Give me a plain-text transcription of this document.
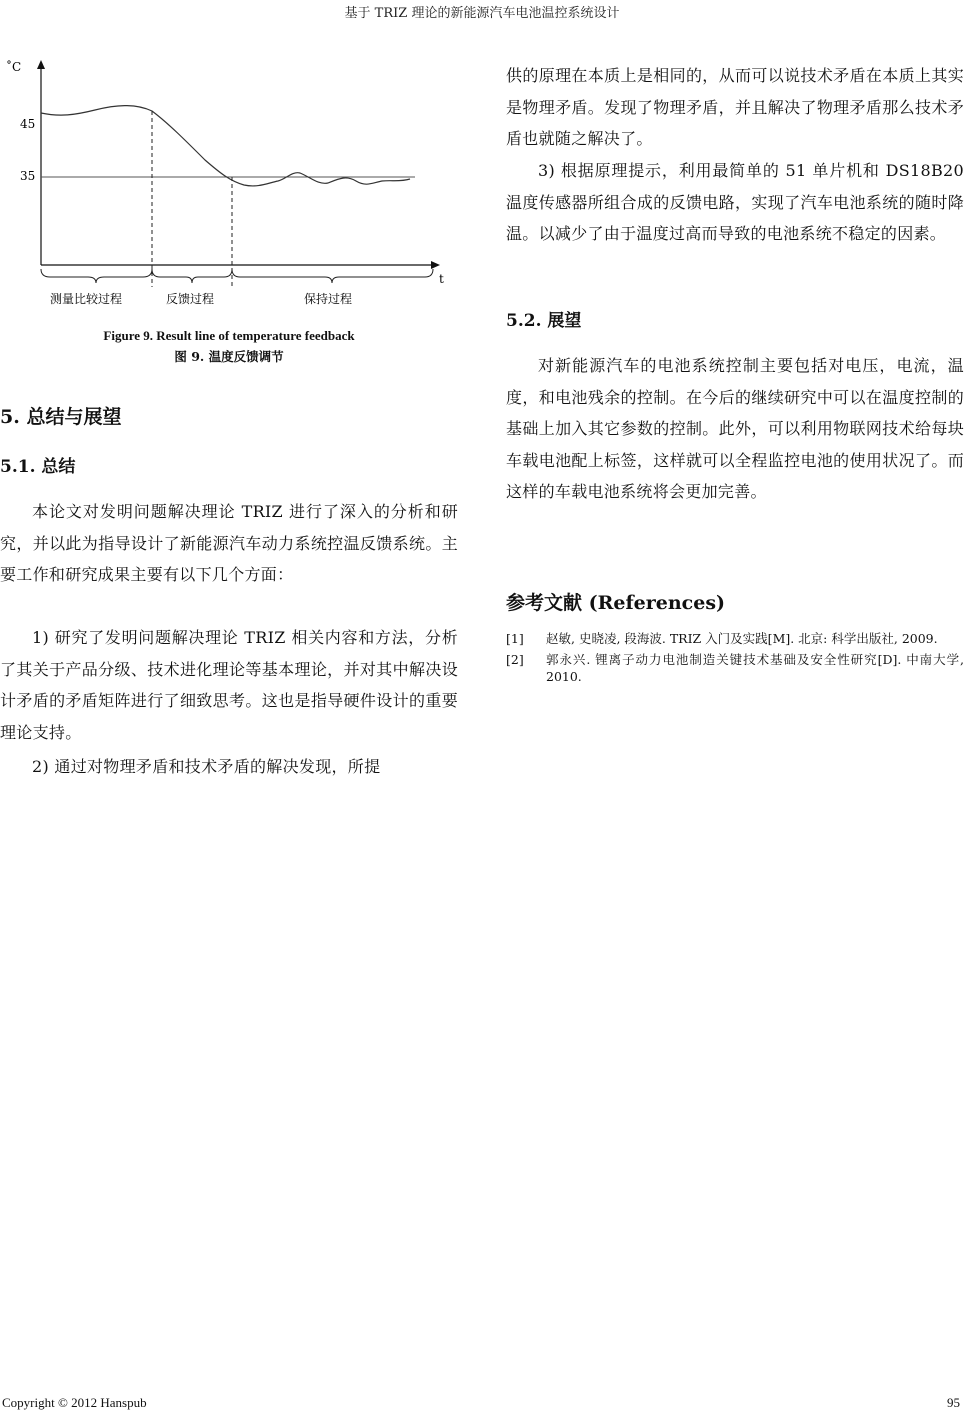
基于 TRIZ 理论的新能源汽车电池温控系统设计
˚C
t
45
35
测量比较过程	反馈过程	保持过程
Figure 9. Result line of temperature feedback
图 9. 温度反馈调节
5. 总结与展望
5.1. 总结

本论文对发明问题解决理论 TRIZ 进行了深入的分析和研究，并以此为指导设计了新能源汽车动力系统控温反馈系统。主要工作和研究成果主要有以下几个方面：

1) 研究了发明问题解决理论 TRIZ 相关内容和方法，分析了其关于产品分级、技术进化理论等基本理论，并对其中解决设计矛盾的矛盾矩阵进行了细致思考。这也是指导硬件设计的重要理论支持。

2) 通过对物理矛盾和技术矛盾的解决发现，所提

供的原理在本质上是相同的，从而可以说技术矛盾在本质上其实是物理矛盾。发现了物理矛盾，并且解决了物理矛盾那么技术矛盾也就随之解决了。

3) 根据原理提示，利用最简单的 51 单片机和 DS18B20 温度传感器所组合成的反馈电路，实现了汽车电池系统的随时降温。以减少了由于温度过高而导致的电池系统不稳定的因素。

5.2. 展望

对新能源汽车的电池系统控制主要包括对电压，电流，温度，和电池残余的控制。在今后的继续研究中可以在温度控制的基础上加入其它参数的控制。此外，可以利用物联网技术给每块车载电池配上标签，这样就可以全程监控电池的使用状况了。而这样的车载电池系统将会更加完善。

参考文献 (References)
[1]	赵敏, 史晓凌, 段海波. TRIZ 入门及实践[M]. 北京: 科学出版社, 2009.
[2]	郭永兴. 锂离子动力电池制造关键技术基础及安全性研究[D]. 中南大学, 2010.
Copyright © 2012 Hanspub	95
